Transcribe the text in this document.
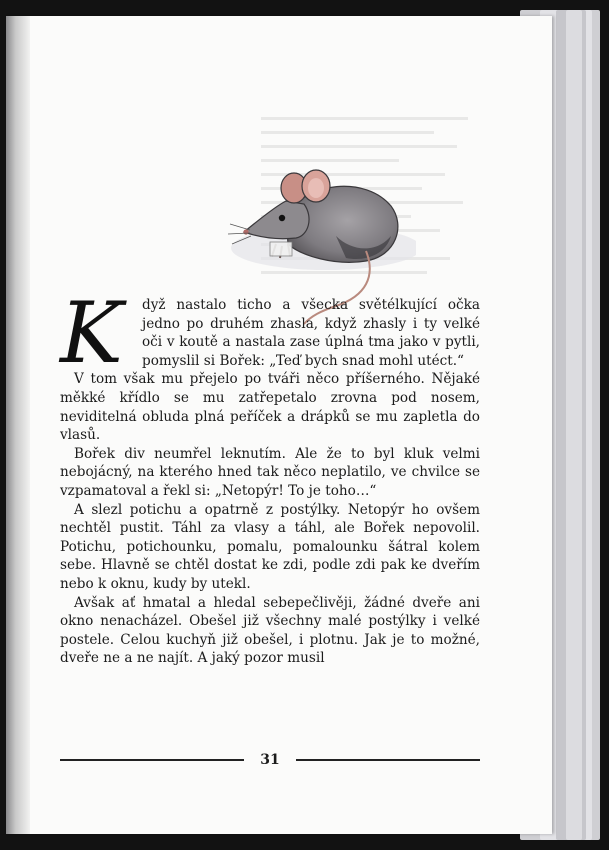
K	dyž nastalo ticho a všecka světélkující očka jedno po druhém zhasla, když zhasly i ty velké oči v koutě a nastala zase úplná tma jako v pytli, pomyslil si Bořek: „Teď bych snad mohl utéct.“

V tom však mu přejelo po tváři něco příšerného. Nějaké měkké křídlo se mu zatřepetalo zrovna pod nosem, neviditelná obluda plná peříček a drápků se mu zapletla do vlasů.

Bořek div neumřel leknutím. Ale že to byl kluk velmi nebojácný, na kterého hned tak něco neplatilo, ve chvilce se vzpamatoval a řekl si: „Netopýr! To je toho…“

A slezl potichu a opatrně z postýlky. Netopýr ho ovšem nechtěl pustit. Táhl za vlasy a táhl, ale Bořek nepovolil. Potichu, potichounku, pomalu, pomalounku šátral kolem sebe. Hlavně se chtěl dostat ke zdi, podle zdi pak ke dveřím nebo k oknu, kudy by utekl.

Avšak ať hmatal a hledal sebepečlivěji, žádné dveře ani okno nenacházel. Obešel již všechny malé postýlky i velké postele. Celou kuchyň již obešel, i plotnu. Jak je to možné, dveře ne a ne najít. A jaký pozor musil

31
